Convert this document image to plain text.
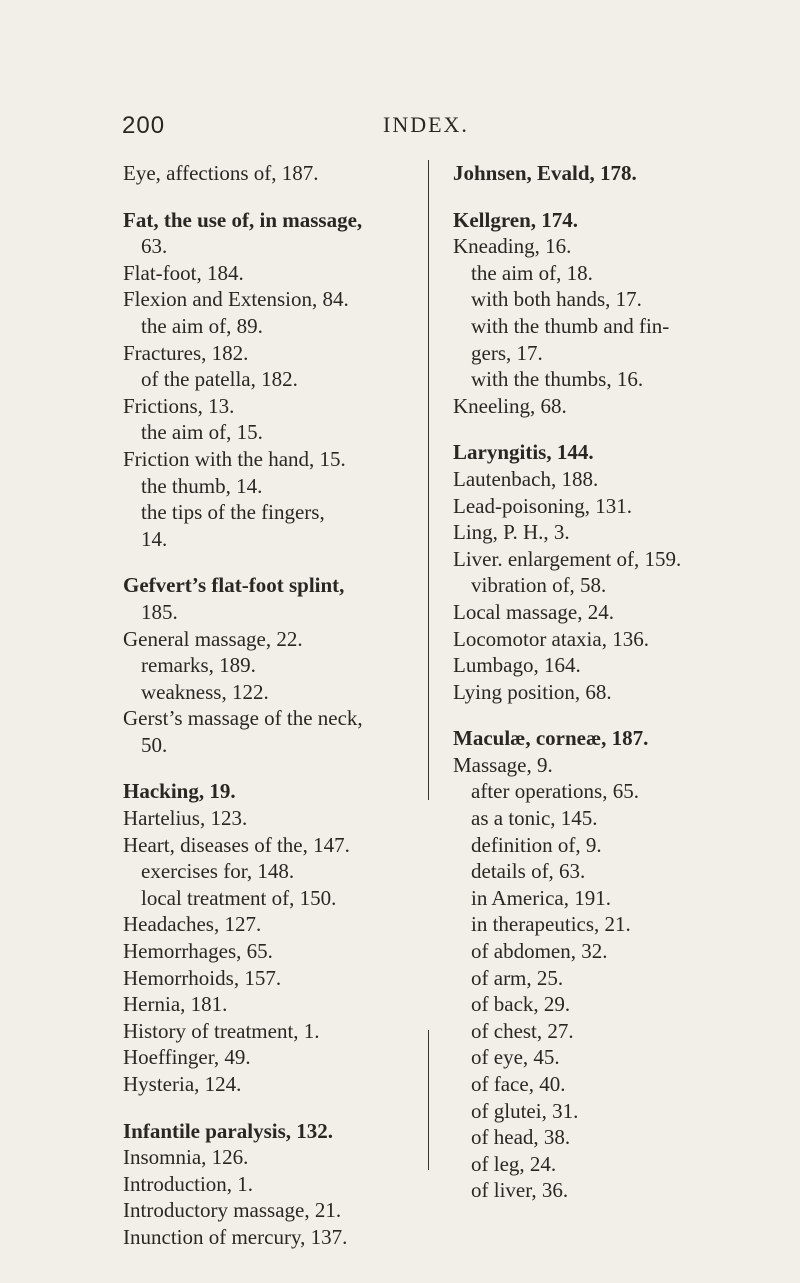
200	INDEX.
Eye, affections of, 187.
Fat, the use of, in massage,
63.
Flat-foot, 184.
Flexion and Extension, 84.
the aim of, 89.
Fractures, 182.
of the patella, 182.
Frictions, 13.
the aim of, 15.
Friction with the hand, 15.
the thumb, 14.
the tips of the fingers,
14.
Gefvert’s flat-foot splint,
185.
General massage, 22.
remarks, 189.
weakness, 122.
Gerst’s massage of the neck,
50.
Hacking, 19.
Hartelius, 123.
Heart, diseases of the, 147.
exercises for, 148.
local treatment of, 150.
Headaches, 127.
Hemorrhages, 65.
Hemorrhoids, 157.
Hernia, 181.
History of treatment, 1.
Hoeffinger, 49.
Hysteria, 124.
Infantile paralysis, 132.
Insomnia, 126.
Introduction, 1.
Introductory massage, 21.
Inunction of mercury, 137.
Johnsen, Evald, 178.
Kellgren, 174.
Kneading, 16.
the aim of, 18.
with both hands, 17.
with the thumb and fin-
gers, 17.
with the thumbs, 16.
Kneeling, 68.
Laryngitis, 144.
Lautenbach, 188.
Lead-poisoning, 131.
Ling, P. H., 3.
Liver. enlargement of, 159.
vibration of, 58.
Local massage, 24.
Locomotor ataxia, 136.
Lumbago, 164.
Lying position, 68.
Maculæ, corneæ, 187.
Massage, 9.
after operations, 65.
as a tonic, 145.
definition of, 9.
details of, 63.
in America, 191.
in therapeutics, 21.
of abdomen, 32.
of arm, 25.
of back, 29.
of chest, 27.
of eye, 45.
of face, 40.
of glutei, 31.
of head, 38.
of leg, 24.
of liver, 36.
